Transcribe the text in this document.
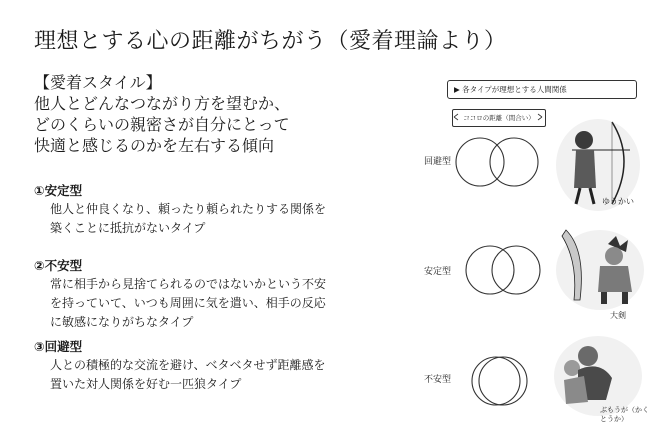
理想とする心の距離がちがう（愛着理論より）
【愛着スタイル】
他人とどんなつながり方を望むか、
どのくらいの親密さが自分にとって
快適と感じるのかを左右する傾向
①安定型
他人と仲良くなり、頼ったり頼られたりする関係を
築くことに抵抗がないタイプ
②不安型
常に相手から見捨てられるのではないかという不安
を持っていて、いつも周囲に気を遣い、相手の反応
に敏感になりがちなタイプ
③回避型
人との積極的な交流を避け、ベタベタせず距離感を
置いた対人関係を好む一匹狼タイプ
▶ 各タイプが理想とする人間関係
ココロの距離（間合い）
回避型
安定型
不安型
ゆうかい
大剣
ぶもうが（かくとうか）
